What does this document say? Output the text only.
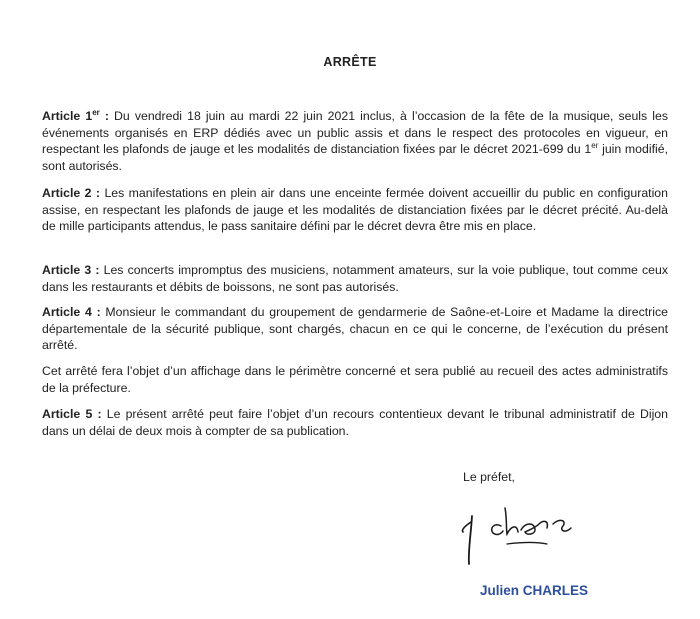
ARRÊTE

Article 1er : Du vendredi 18 juin au mardi 22 juin 2021 inclus, à l’occasion de la fête de la musique, seuls les événements organisés en ERP dédiés avec un public assis et dans le respect des protocoles en vigueur, en respectant les plafonds de jauge et les modalités de distanciation fixées par le décret 2021-699 du 1er juin modifié, sont autorisés.

Article 2 : Les manifestations en plein air dans une enceinte fermée doivent accueillir du public en configuration assise, en respectant les plafonds de jauge et les modalités de distanciation fixées par le décret précité. Au-delà de mille participants attendus, le pass sanitaire défini par le décret devra être mis en place.

Article 3 : Les concerts impromptus des musiciens, notamment amateurs, sur la voie publique, tout comme ceux dans les restaurants et débits de boissons, ne sont pas autorisés.

Article 4 : Monsieur le commandant du groupement de gendarmerie de Saône-et-Loire et Madame la directrice départementale de la sécurité publique, sont chargés, chacun en ce qui le concerne, de l’exécution du présent arrêté.

Cet arrêté fera l’objet d’un affichage dans le périmètre concerné et sera publié au recueil des actes administratifs de la préfecture.

Article 5 : Le présent arrêté peut faire l’objet d’un recours contentieux devant le tribunal administratif de Dijon dans un délai de deux mois à compter de sa publication.

Le préfet,
Julien CHARLES
